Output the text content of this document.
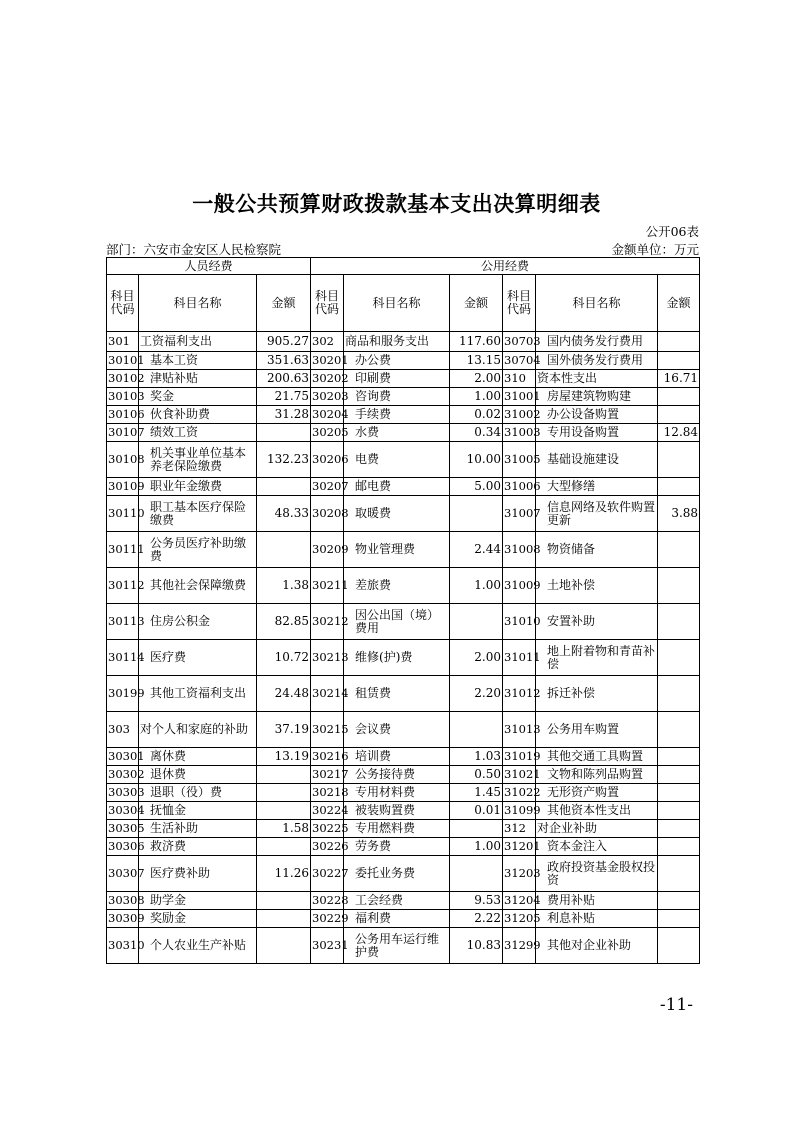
一般公共预算财政拨款基本支出决算明细表
公开06表
部门：六安市金安区人民检察院	金额单位：万元
人员经费			公用经费					
科目代码	科目名称	金额	科目代码	科目名称	金额	科目代码	科目名称	金额
301	工资福利支出	905.27	302	商品和服务支出	117.60	30703	国内债务发行费用	
30101	基本工资	351.63	30201	办公费	13.15	30704	国外债务发行费用	
30102	津贴补贴	200.63	30202	印刷费	2.00	310	资本性支出	16.71
30103	奖金	21.75	30203	咨询费	1.00	31001	房屋建筑物购建	
30106	伙食补助费	31.28	30204	手续费	0.02	31002	办公设备购置	
30107	绩效工资		30205	水费	0.34	31003	专用设备购置	12.84
30108	机关事业单位基本养老保险缴费	132.23	30206	电费	10.00	31005	基础设施建设	
30109	职业年金缴费		30207	邮电费	5.00	31006	大型修缮	
30110	职工基本医疗保险缴费	48.33	30208	取暖费		31007	信息网络及软件购置更新	3.88
30111	公务员医疗补助缴费		30209	物业管理费	2.44	31008	物资储备	
30112	其他社会保障缴费	1.38	30211	差旅费	1.00	31009	土地补偿	
30113	住房公积金	82.85	30212	因公出国（境）费用		31010	安置补助	
30114	医疗费	10.72	30213	维修(护)费	2.00	31011	地上附着物和青苗补偿	
30199	其他工资福利支出	24.48	30214	租赁费	2.20	31012	拆迁补偿	
303	对个人和家庭的补助	37.19	30215	会议费		31013	公务用车购置	
30301	离休费	13.19	30216	培训费	1.03	31019	其他交通工具购置	
30302	退休费		30217	公务接待费	0.50	31021	文物和陈列品购置	
30303	退职（役）费		30218	专用材料费	1.45	31022	无形资产购置	
30304	抚恤金		30224	被装购置费	0.01	31099	其他资本性支出	
30305	生活补助	1.58	30225	专用燃料费		312	对企业补助	
30306	救济费		30226	劳务费	1.00	31201	资本金注入	
30307	医疗费补助	11.26	30227	委托业务费		31203	政府投资基金股权投资	
30308	助学金		30228	工会经费	9.53	31204	费用补贴	
30309	奖励金		30229	福利费	2.22	31205	利息补贴	
30310	个人农业生产补贴		30231	公务用车运行维护费	10.83	31299	其他对企业补助	
-11-
